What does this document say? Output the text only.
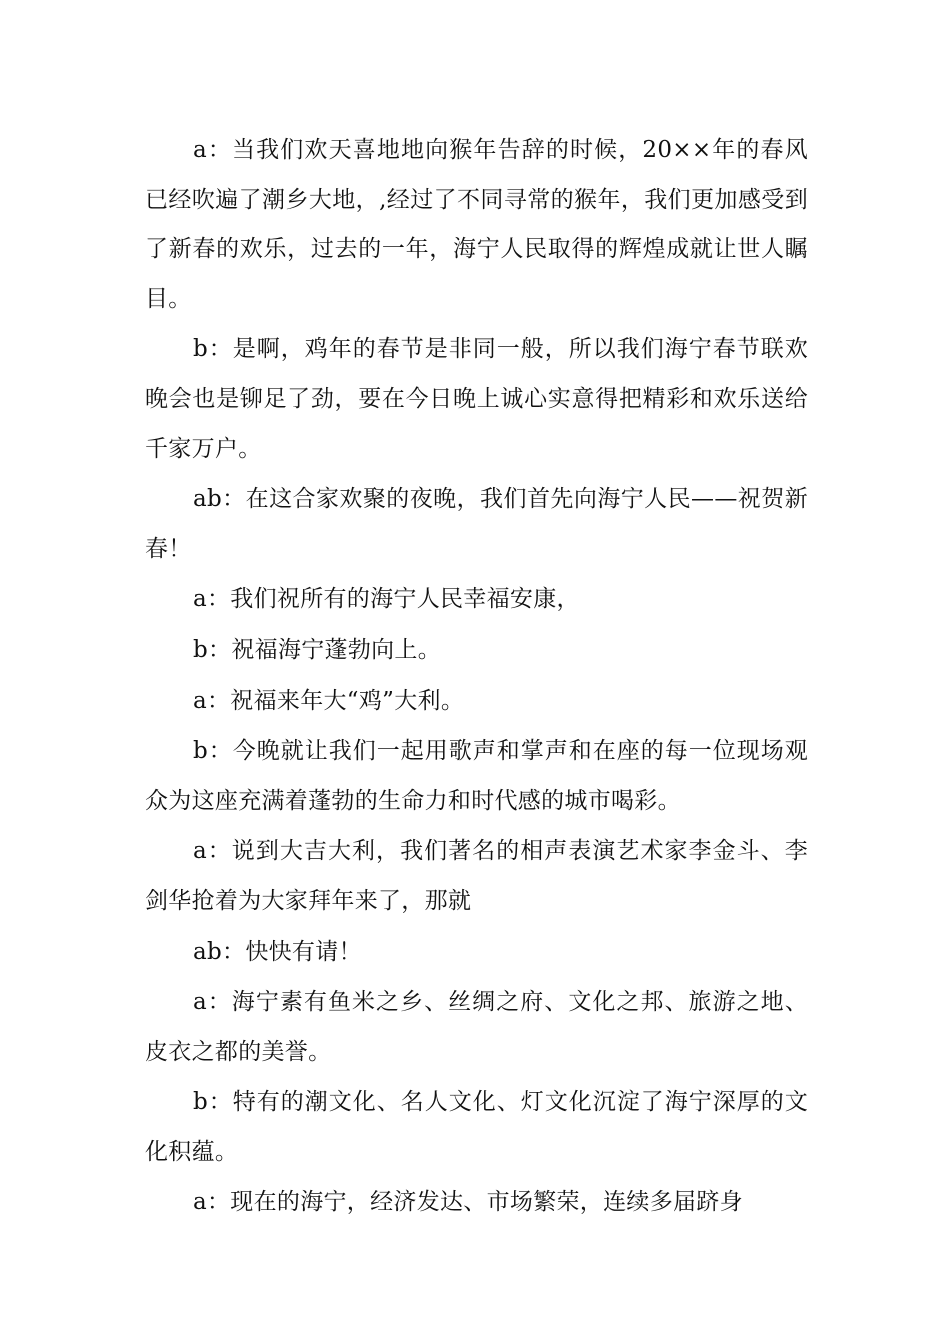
a：当我们欢天喜地地向猴年告辞的时候，20××年的春风已经吹遍了潮乡大地，,经过了不同寻常的猴年，我们更加感受到了新春的欢乐，过去的一年，海宁人民取得的辉煌成就让世人瞩目。

b：是啊，鸡年的春节是非同一般，所以我们海宁春节联欢晚会也是铆足了劲，要在今日晚上诚心实意得把精彩和欢乐送给千家万户。

ab：在这合家欢聚的夜晚，我们首先向海宁人民——祝贺新春！

a：我们祝所有的海宁人民幸福安康，

b：祝福海宁蓬勃向上。

a：祝福来年大“鸡”大利。

b：今晚就让我们一起用歌声和掌声和在座的每一位现场观众为这座充满着蓬勃的生命力和时代感的城市喝彩。

a：说到大吉大利，我们著名的相声表演艺术家李金斗、李剑华抢着为大家拜年来了，那就

ab：快快有请！

a：海宁素有鱼米之乡、丝绸之府、文化之邦、旅游之地、皮衣之都的美誉。

b：特有的潮文化、名人文化、灯文化沉淀了海宁深厚的文化积蕴。

a：现在的海宁，经济发达、市场繁荣，连续多届跻身
